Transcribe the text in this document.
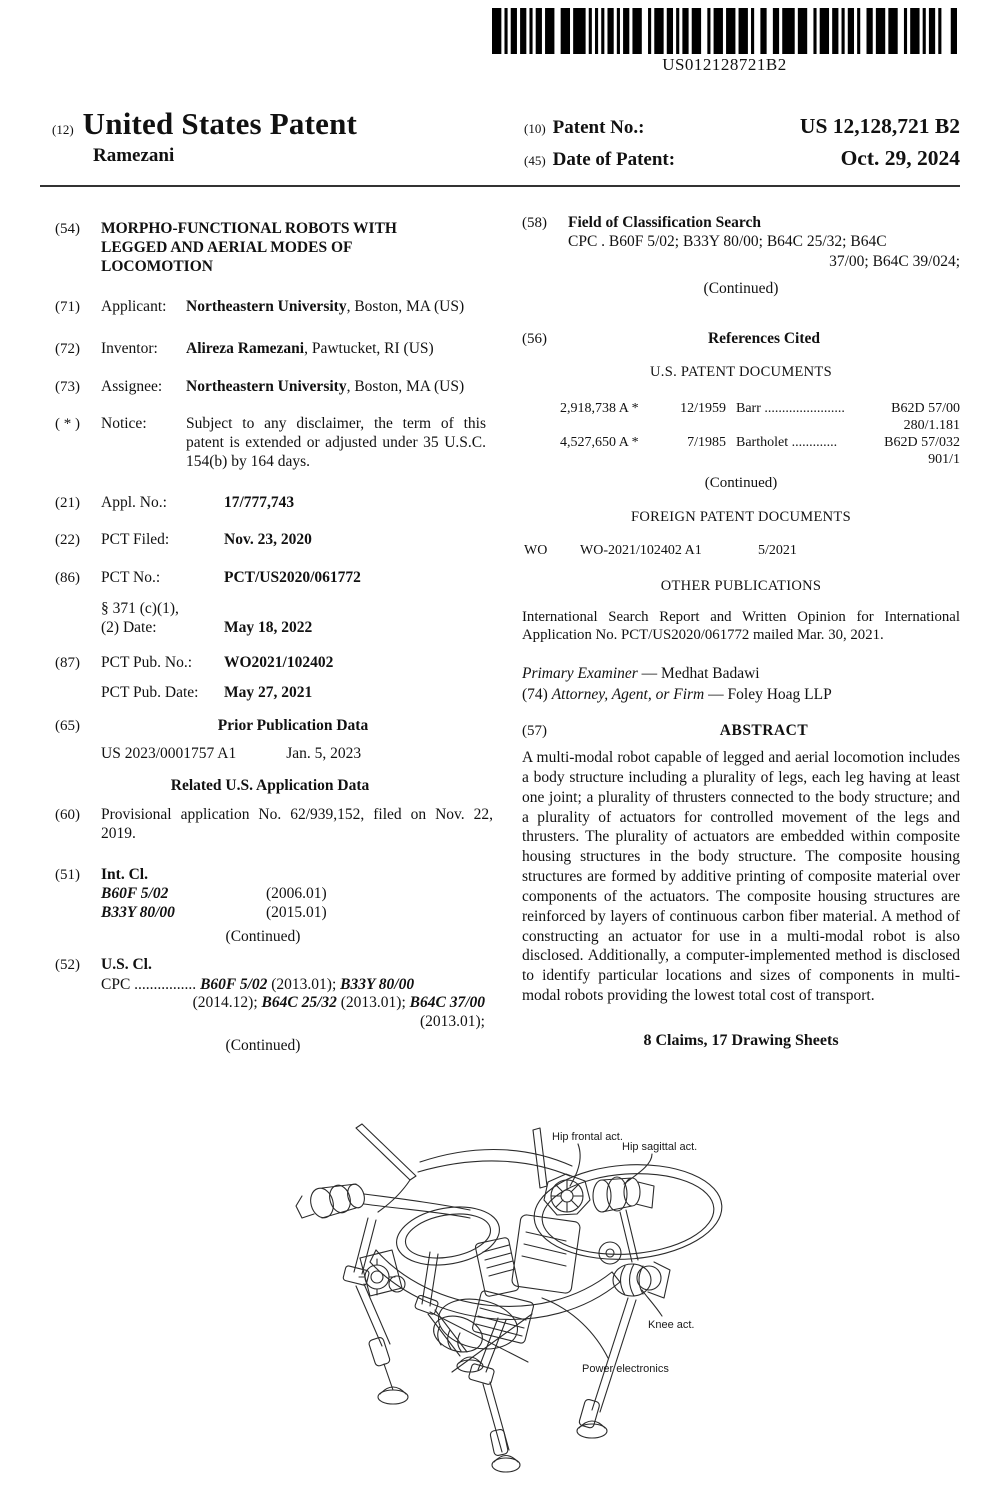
US012128721B2
(12) United States Patent
Ramezani
(10) Patent No.:	US 12,128,721 B2
(45) Date of Patent:	Oct. 29, 2024
(54)	MORPHO-FUNCTIONAL ROBOTS WITH LEGGED AND AERIAL MODES OF LOCOMOTION
(71)	Applicant:	Northeastern University, Boston, MA (US)
(72)	Inventor:	Alireza Ramezani, Pawtucket, RI (US)
(73)	Assignee:	Northeastern University, Boston, MA (US)
( * )	Notice:	Subject to any disclaimer, the term of this patent is extended or adjusted under 35 U.S.C. 154(b) by 164 days.
(21)	Appl. No.:	17/777,743
(22)	PCT Filed:	Nov. 23, 2020
(86)	PCT No.:	PCT/US2020/061772
§ 371 (c)(1),
(2) Date:	May 18, 2022
(87)	PCT Pub. No.:	WO2021/102402
PCT Pub. Date:	May 27, 2021
(65)	Prior Publication Data
US 2023/0001757 A1	Jan. 5, 2023
Related U.S. Application Data
(60)	Provisional application No. 62/939,152, filed on Nov. 22, 2019.
(51)	Int. Cl.
B60F 5/02	(2006.01)
B33Y 80/00	(2015.01)
(Continued)
(52)	U.S. Cl.
CPC ................ B60F 5/02 (2013.01); B33Y 80/00
(2014.12); B64C 25/32 (2013.01); B64C 37/00
(2013.01);
(Continued)
(58)	Field of Classification Search
CPC . B60F 5/02; B33Y 80/00; B64C 25/32; B64C
37/00; B64C 39/024;
(Continued)
(56)	References Cited
U.S. PATENT DOCUMENTS
2,918,738 A *	12/1959 Barr .......................	B62D 57/00
280/1.181
4,527,650 A *	7/1985 Bartholet .............	B62D 57/032
901/1
(Continued)
FOREIGN PATENT DOCUMENTS
WO	WO-2021/102402 A1	5/2021
OTHER PUBLICATIONS
International Search Report and Written Opinion for International Application No. PCT/US2020/061772 mailed Mar. 30, 2021.
Primary Examiner — Medhat Badawi
(74) Attorney, Agent, or Firm — Foley Hoag LLP
(57)	ABSTRACT
A multi-modal robot capable of legged and aerial locomotion includes a body structure including a plurality of legs, each leg having at least one joint; a plurality of thrusters connected to the body structure; and a plurality of actuators for controlled movement of the legs and thrusters. The plurality of actuators are embedded within composite housing structures in the body structure. The composite housing structures are formed by additive printing of composite material over components of the actuators. The composite housing structures are reinforced by layers of continuous carbon fiber material. A method of constructing an actuator for use in a multi-modal robot is also disclosed. Additionally, a computer-implemented method is disclosed to identify particular locations and sizes of components in multi-modal robots providing the lowest total cost of transport.
8 Claims, 17 Drawing Sheets
Hip frontal act.
Hip sagittal act.
Knee act.
Power electronics
